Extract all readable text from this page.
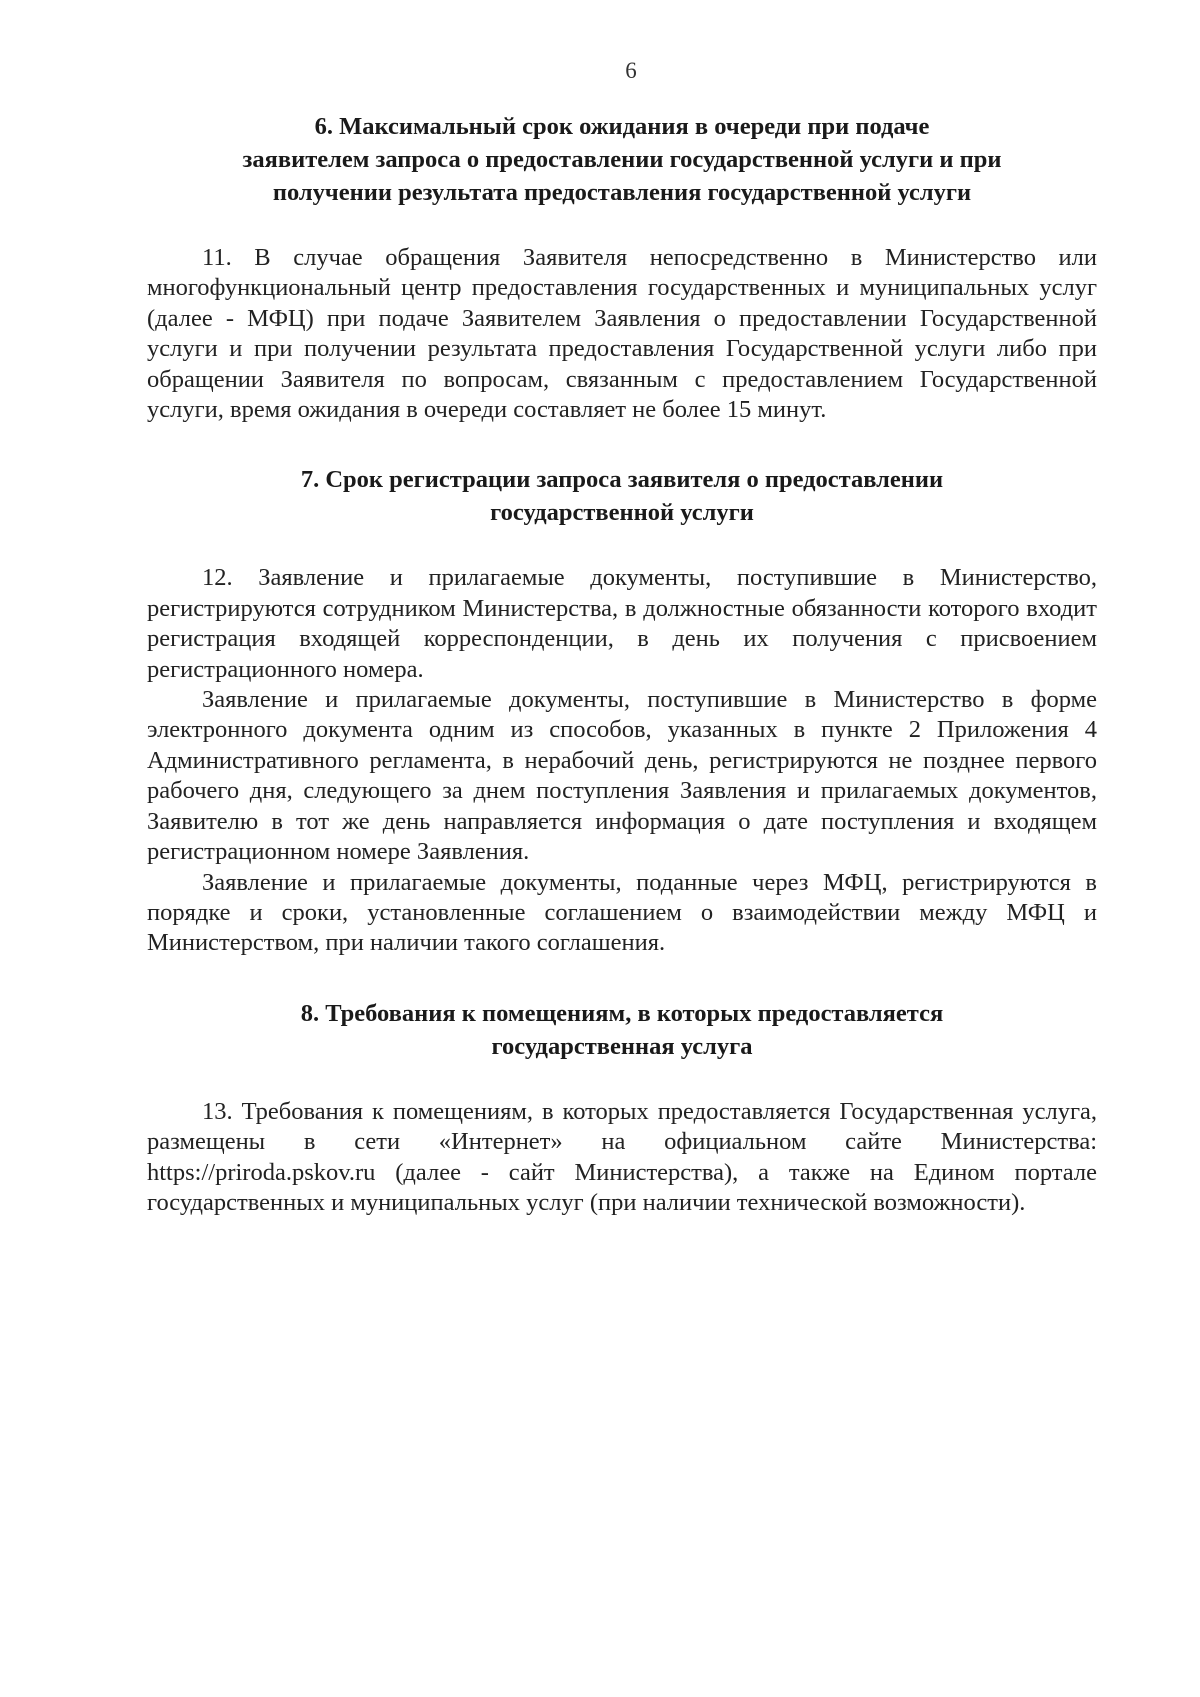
6
6. Максимальный срок ожидания в очереди при подаче
заявителем запроса о предоставлении государственной услуги и при
получении результата предоставления государственной услуги

11. В случае обращения Заявителя непосредственно в Министерство или многофункциональный центр предоставления государственных и муниципальных услуг (далее - МФЦ) при подаче Заявителем Заявления о предоставлении Государственной услуги и при получении результата предоставления Государственной услуги либо при обращении Заявителя по вопросам, связанным с предоставлением Государственной услуги, время ожидания в очереди составляет не более 15 минут.

7. Срок регистрации запроса заявителя о предоставлении
государственной услуги

12. Заявление и прилагаемые документы, поступившие в Министерство, регистрируются сотрудником Министерства, в должностные обязанности которого входит регистрация входящей корреспонденции, в день их получения с присвоением регистрационного номера.

Заявление и прилагаемые документы, поступившие в Министерство в форме электронного документа одним из способов, указанных в пункте 2 Приложения 4 Административного регламента, в нерабочий день, регистрируются не позднее первого рабочего дня, следующего за днем поступления Заявления и прилагаемых документов, Заявителю в тот же день направляется информация о дате поступления и входящем регистрационном номере Заявления.

Заявление и прилагаемые документы, поданные через МФЦ, регистрируются в порядке и сроки, установленные соглашением о взаимодействии между МФЦ и Министерством, при наличии такого соглашения.

8. Требования к помещениям, в которых предоставляется
государственная услуга

13. Требования к помещениям, в которых предоставляется Государственная услуга, размещены в сети «Интернет» на официальном сайте Министерства: https://priroda.pskov.ru (далее - сайт Министерства), а также на Едином портале государственных и муниципальных услуг (при наличии технической возможности).
